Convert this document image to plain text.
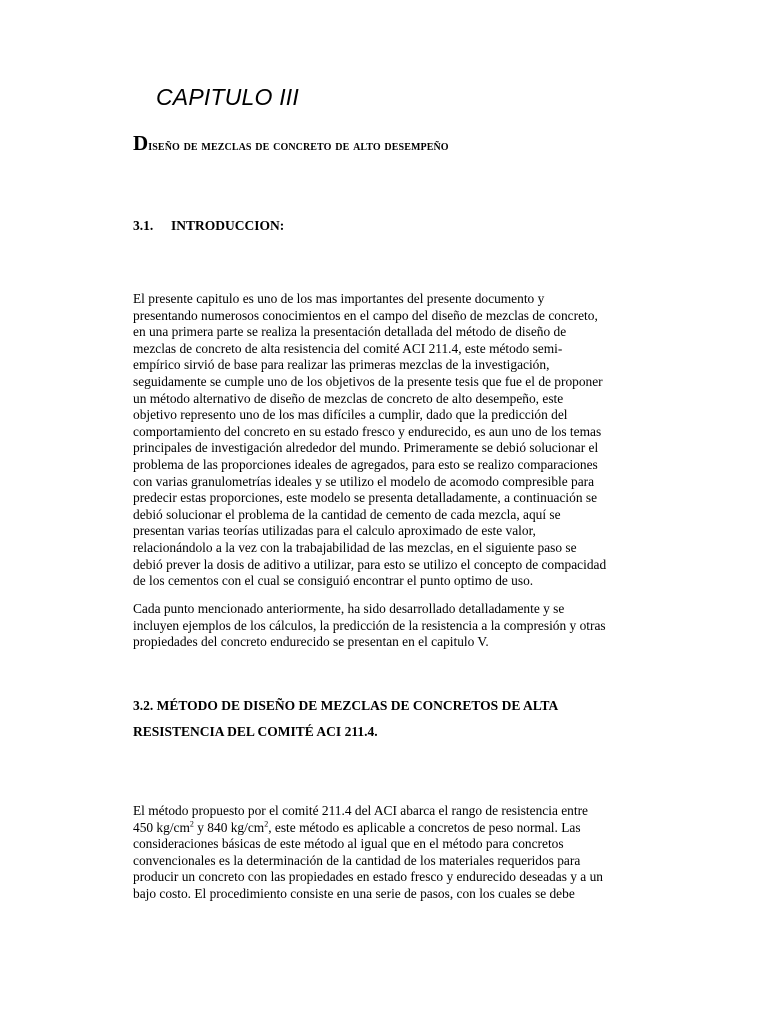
CAPITULO III
Diseño de mezclas de concreto de alto desempeño
3.1. INTRODUCCION:
El presente capitulo es uno de los mas importantes del presente documento y
presentando numerosos conocimientos en el campo del diseño de mezclas de concreto,
en una primera parte se realiza la presentación detallada del método de diseño de
mezclas de concreto de alta resistencia del comité ACI 211.4, este método semi-
empírico sirvió de base para realizar las primeras mezclas de la investigación,
seguidamente se cumple uno de los objetivos de la presente tesis que fue el de proponer
un método alternativo de diseño de mezclas de concreto de alto desempeño, este
objetivo represento uno de los mas difíciles a cumplir, dado que la predicción del
comportamiento del concreto en su estado fresco y endurecido, es aun uno de los temas
principales de investigación alrededor del mundo. Primeramente se debió solucionar el
problema de las proporciones ideales de agregados, para esto se realizo comparaciones
con varias granulometrías ideales y se utilizo el modelo de acomodo compresible para
predecir estas proporciones, este modelo se presenta detalladamente, a continuación se
debió solucionar el problema de la cantidad de cemento de cada mezcla, aquí se
presentan varias teorías utilizadas para el calculo aproximado de este valor,
relacionándolo a la vez con la trabajabilidad de las mezclas, en el siguiente paso se
debió prever la dosis de aditivo a utilizar, para esto se utilizo el concepto de compacidad
de los cementos con el cual se consiguió encontrar el punto optimo de uso.
Cada punto mencionado anteriormente, ha sido desarrollado detalladamente y se
incluyen ejemplos de los cálculos, la predicción de la resistencia a la compresión y otras
propiedades del concreto endurecido se presentan en el capitulo V.
3.2. MÉTODO DE DISEÑO DE MEZCLAS DE CONCRETOS DE ALTA
RESISTENCIA DEL COMITÉ ACI 211.4.
El método propuesto por el comité 211.4 del ACI abarca el rango de resistencia entre
450 $kg/cm^2$ y 840 $kg/cm^2$, este método es aplicable a concretos de peso normal. Las
consideraciones básicas de este método al igual que en el método para concretos
convencionales es la determinación de la cantidad de los materiales requeridos para
producir un concreto con las propiedades en estado fresco y endurecido deseadas y a un
bajo costo. El procedimiento consiste en una serie de pasos, con los cuales se debe
